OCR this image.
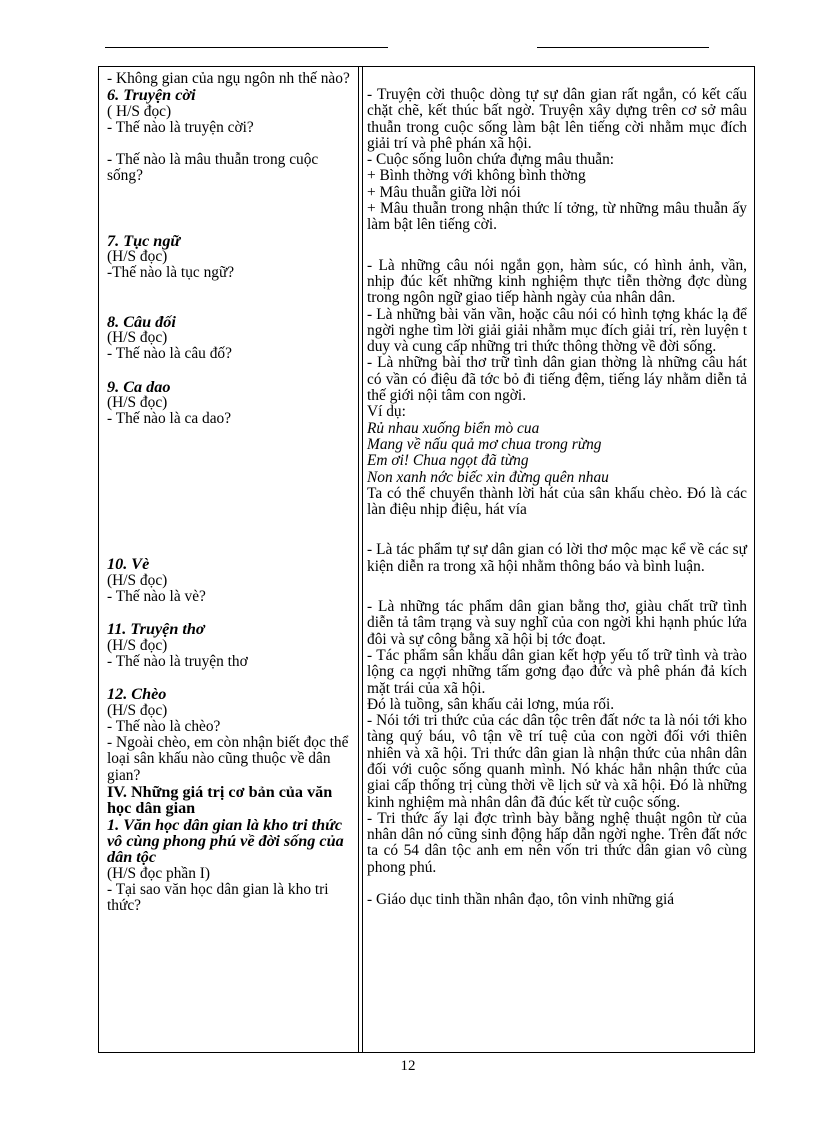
- Không gian của ngụ ngôn nh thế nào?

6. Truyện cời

( H/S đọc)

- Thế nào là truyện cời?

- Thế nào là mâu thuẫn trong cuộc sống?

7. Tục ngữ

(H/S đọc)

-Thế nào là tục ngữ?

8. Câu đối

(H/S đọc)

- Thế nào là câu đố?

9. Ca dao

(H/S đọc)

- Thế nào là ca dao?

10. Vè

(H/S đọc)

- Thế nào là vè?

11. Truyện thơ

(H/S đọc)

- Thế nào là truyện thơ

12. Chèo

(H/S đọc)

- Thế nào là chèo?

- Ngoài chèo, em còn nhận biết đọc thể loại sân khấu nào cũng thuộc về dân gian?

IV. Những giá trị cơ bản của văn học dân gian

1. Văn học dân gian là kho tri thức vô cùng phong phú về đời sống của dân tộc

(H/S đọc phần I)

- Tại sao văn học dân gian là kho tri thức?

- Truyện cời thuộc dòng tự sự dân gian rất ngắn, có kết cấu chặt chẽ, kết thúc bất ngờ. Truyện xây dựng trên cơ sở mâu thuẫn trong cuộc sống làm bật lên tiếng cời nhằm mục đích giải trí và phê phán xã hội.

- Cuộc sống luôn chứa đựng mâu thuẫn:

+ Bình thờng với không bình thờng

+ Mâu thuẫn giữa lời nói

+ Mâu thuẫn trong nhận thức lí tởng, từ những mâu thuẫn ấy làm bật lên tiếng cời.

- Là những câu nói ngắn gọn, hàm súc, có hình ảnh, vần, nhịp đúc kết những kinh nghiệm thực tiễn thờng đợc dùng trong ngôn ngữ giao tiếp hành ngày của nhân dân.

- Là những bài văn vần, hoặc câu nói có hình tợng khác lạ để ngời nghe tìm lời giải giải nhằm mục đích giải trí, rèn luyện t duy và cung cấp những tri thức thông thờng về đời sống.

- Là những bài thơ trữ tình dân gian thờng là những câu hát có vần có điệu đã tớc bỏ đi tiếng đệm, tiếng láy nhằm diễn tả thế giới nội tâm con ngời.

Ví dụ:

Rủ nhau xuống biển mò cua

Mang về nấu quả mơ chua trong rừng

Em ơi! Chua ngọt đã từng

Non xanh nớc biếc xin đừng quên nhau

Ta có thể chuyển thành lời hát của sân khấu chèo. Đó là các làn điệu nhịp điệu, hát vía

- Là tác phẩm tự sự dân gian có lời thơ mộc mạc kể về các sự kiện diễn ra trong xã hội nhằm thông báo và bình luận.

- Là những tác phẩm dân gian bằng thơ, giàu chất trữ tình diễn tả tâm trạng và suy nghĩ của con ngời khi hạnh phúc lứa đôi và sự công bằng xã hội bị tớc đoạt.

- Tác phẩm sân khấu dân gian kết hợp yếu tố trữ tình và trào lộng ca ngợi những tấm gơng đạo đức và phê phán đả kích mặt trái của xã hội.

Đó là tuồng, sân khấu cải lơng, múa rối.

- Nói tới tri thức của các dân tộc trên đất nớc ta là nói tới kho tàng quý báu, vô tận về trí tuệ của con ngời đối với thiên nhiên và xã hội. Tri thức dân gian là nhận thức của nhân dân đối với cuộc sống quanh mình. Nó khác hẳn nhận thức của giai cấp thống trị cùng thời về lịch sử và xã hội. Đó là những kinh nghiệm mà nhân dân đã đúc kết từ cuộc sống.

- Tri thức ấy lại đợc trình bày bằng nghệ thuật ngôn từ của nhân dân nó cũng sinh động hấp dẫn ngời nghe. Trên đất nớc ta có 54 dân tộc anh em nên vốn tri thức dân gian vô cùng phong phú.

- Giáo dục tinh thần nhân đạo, tôn vinh những giá

12
